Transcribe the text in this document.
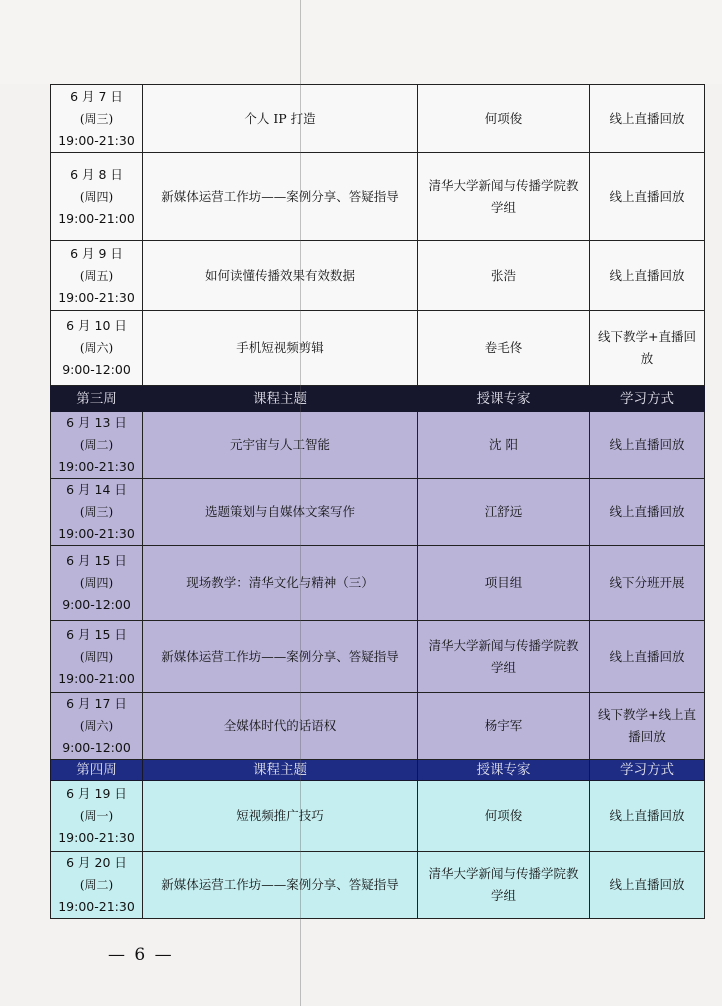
6 月 7 日
(周三)
19:00-21:30	个人 IP 打造	何项俊	线上直播回放

6 月 8 日
(周四)
19:00-21:00	新媒体运营工作坊——案例分享、答疑指导	清华大学新闻与传播学院教学组	线上直播回放

6 月 9 日
(周五)
19:00-21:30	如何读懂传播效果有效数据	张浩	线上直播回放

6 月 10 日
(周六)
9:00-12:00	手机短视频剪辑	卷毛佟	线下教学+直播回放
第三周	课程主题	授课专家	学习方式

6 月 13 日
(周二)
19:00-21:30	元宇宙与人工智能	沈 阳	线上直播回放

6 月 14 日
(周三)
19:00-21:30	选题策划与自媒体文案写作	江舒远	线上直播回放

6 月 15 日
(周四)
9:00-12:00	现场教学：清华文化与精神（三）	项目组	线下分班开展

6 月 15 日
(周四)
19:00-21:00	新媒体运营工作坊——案例分享、答疑指导	清华大学新闻与传播学院教学组	线上直播回放

6 月 17 日
(周六)
9:00-12:00	全媒体时代的话语权	杨宇军	线下教学+线上直播回放
第四周	课程主题	授课专家	学习方式

6 月 19 日
(周一)
19:00-21:30	短视频推广技巧	何项俊	线上直播回放

6 月 20 日
(周二)
19:00-21:30	新媒体运营工作坊——案例分享、答疑指导	清华大学新闻与传播学院教学组	线上直播回放
— 6 —
